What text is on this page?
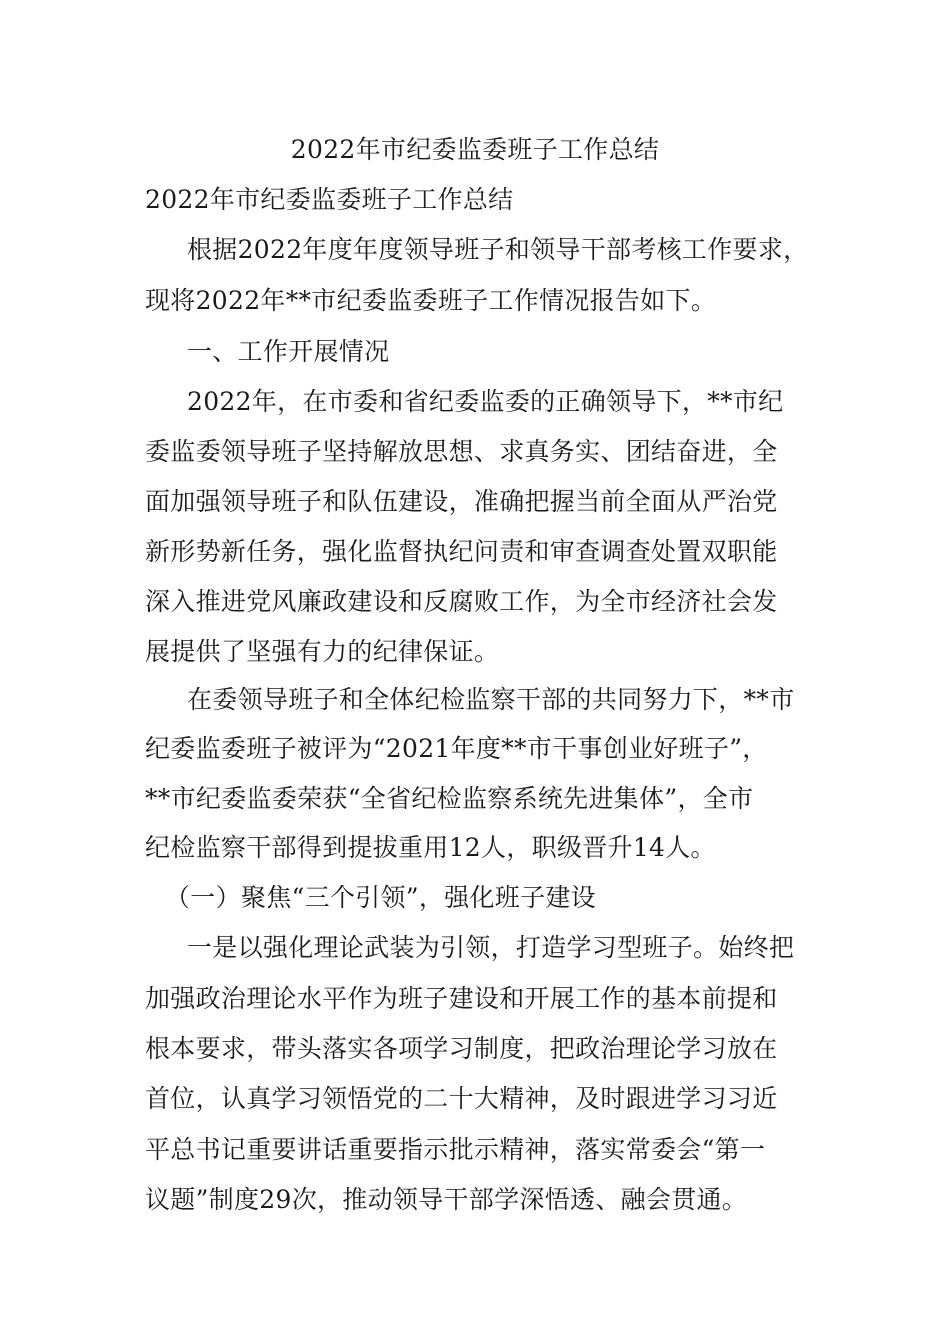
2022年市纪委监委班子工作总结
2022年市纪委监委班子工作总结
根据2022年度年度领导班子和领导干部考核工作要求，
现将2022年**市纪委监委班子工作情况报告如下。
一、工作开展情况
2022年，在市委和省纪委监委的正确领导下，**市纪
委监委领导班子坚持解放思想、求真务实、团结奋进，全
面加强领导班子和队伍建设，准确把握当前全面从严治党
新形势新任务，强化监督执纪问责和审查调查处置双职能
深入推进党风廉政建设和反腐败工作，为全市经济社会发
展提供了坚强有力的纪律保证。
在委领导班子和全体纪检监察干部的共同努力下，**市
纪委监委班子被评为“2021年度**市干事创业好班子”，
**市纪委监委荣获“全省纪检监察系统先进集体”，全市
纪检监察干部得到提拔重用12人，职级晋升14人。
（一）聚焦“三个引领”，强化班子建设
一是以强化理论武装为引领，打造学习型班子。始终把
加强政治理论水平作为班子建设和开展工作的基本前提和
根本要求，带头落实各项学习制度，把政治理论学习放在
首位，认真学习领悟党的二十大精神，及时跟进学习习近
平总书记重要讲话重要指示批示精神，落实常委会“第一
议题”制度29次，推动领导干部学深悟透、融会贯通。
